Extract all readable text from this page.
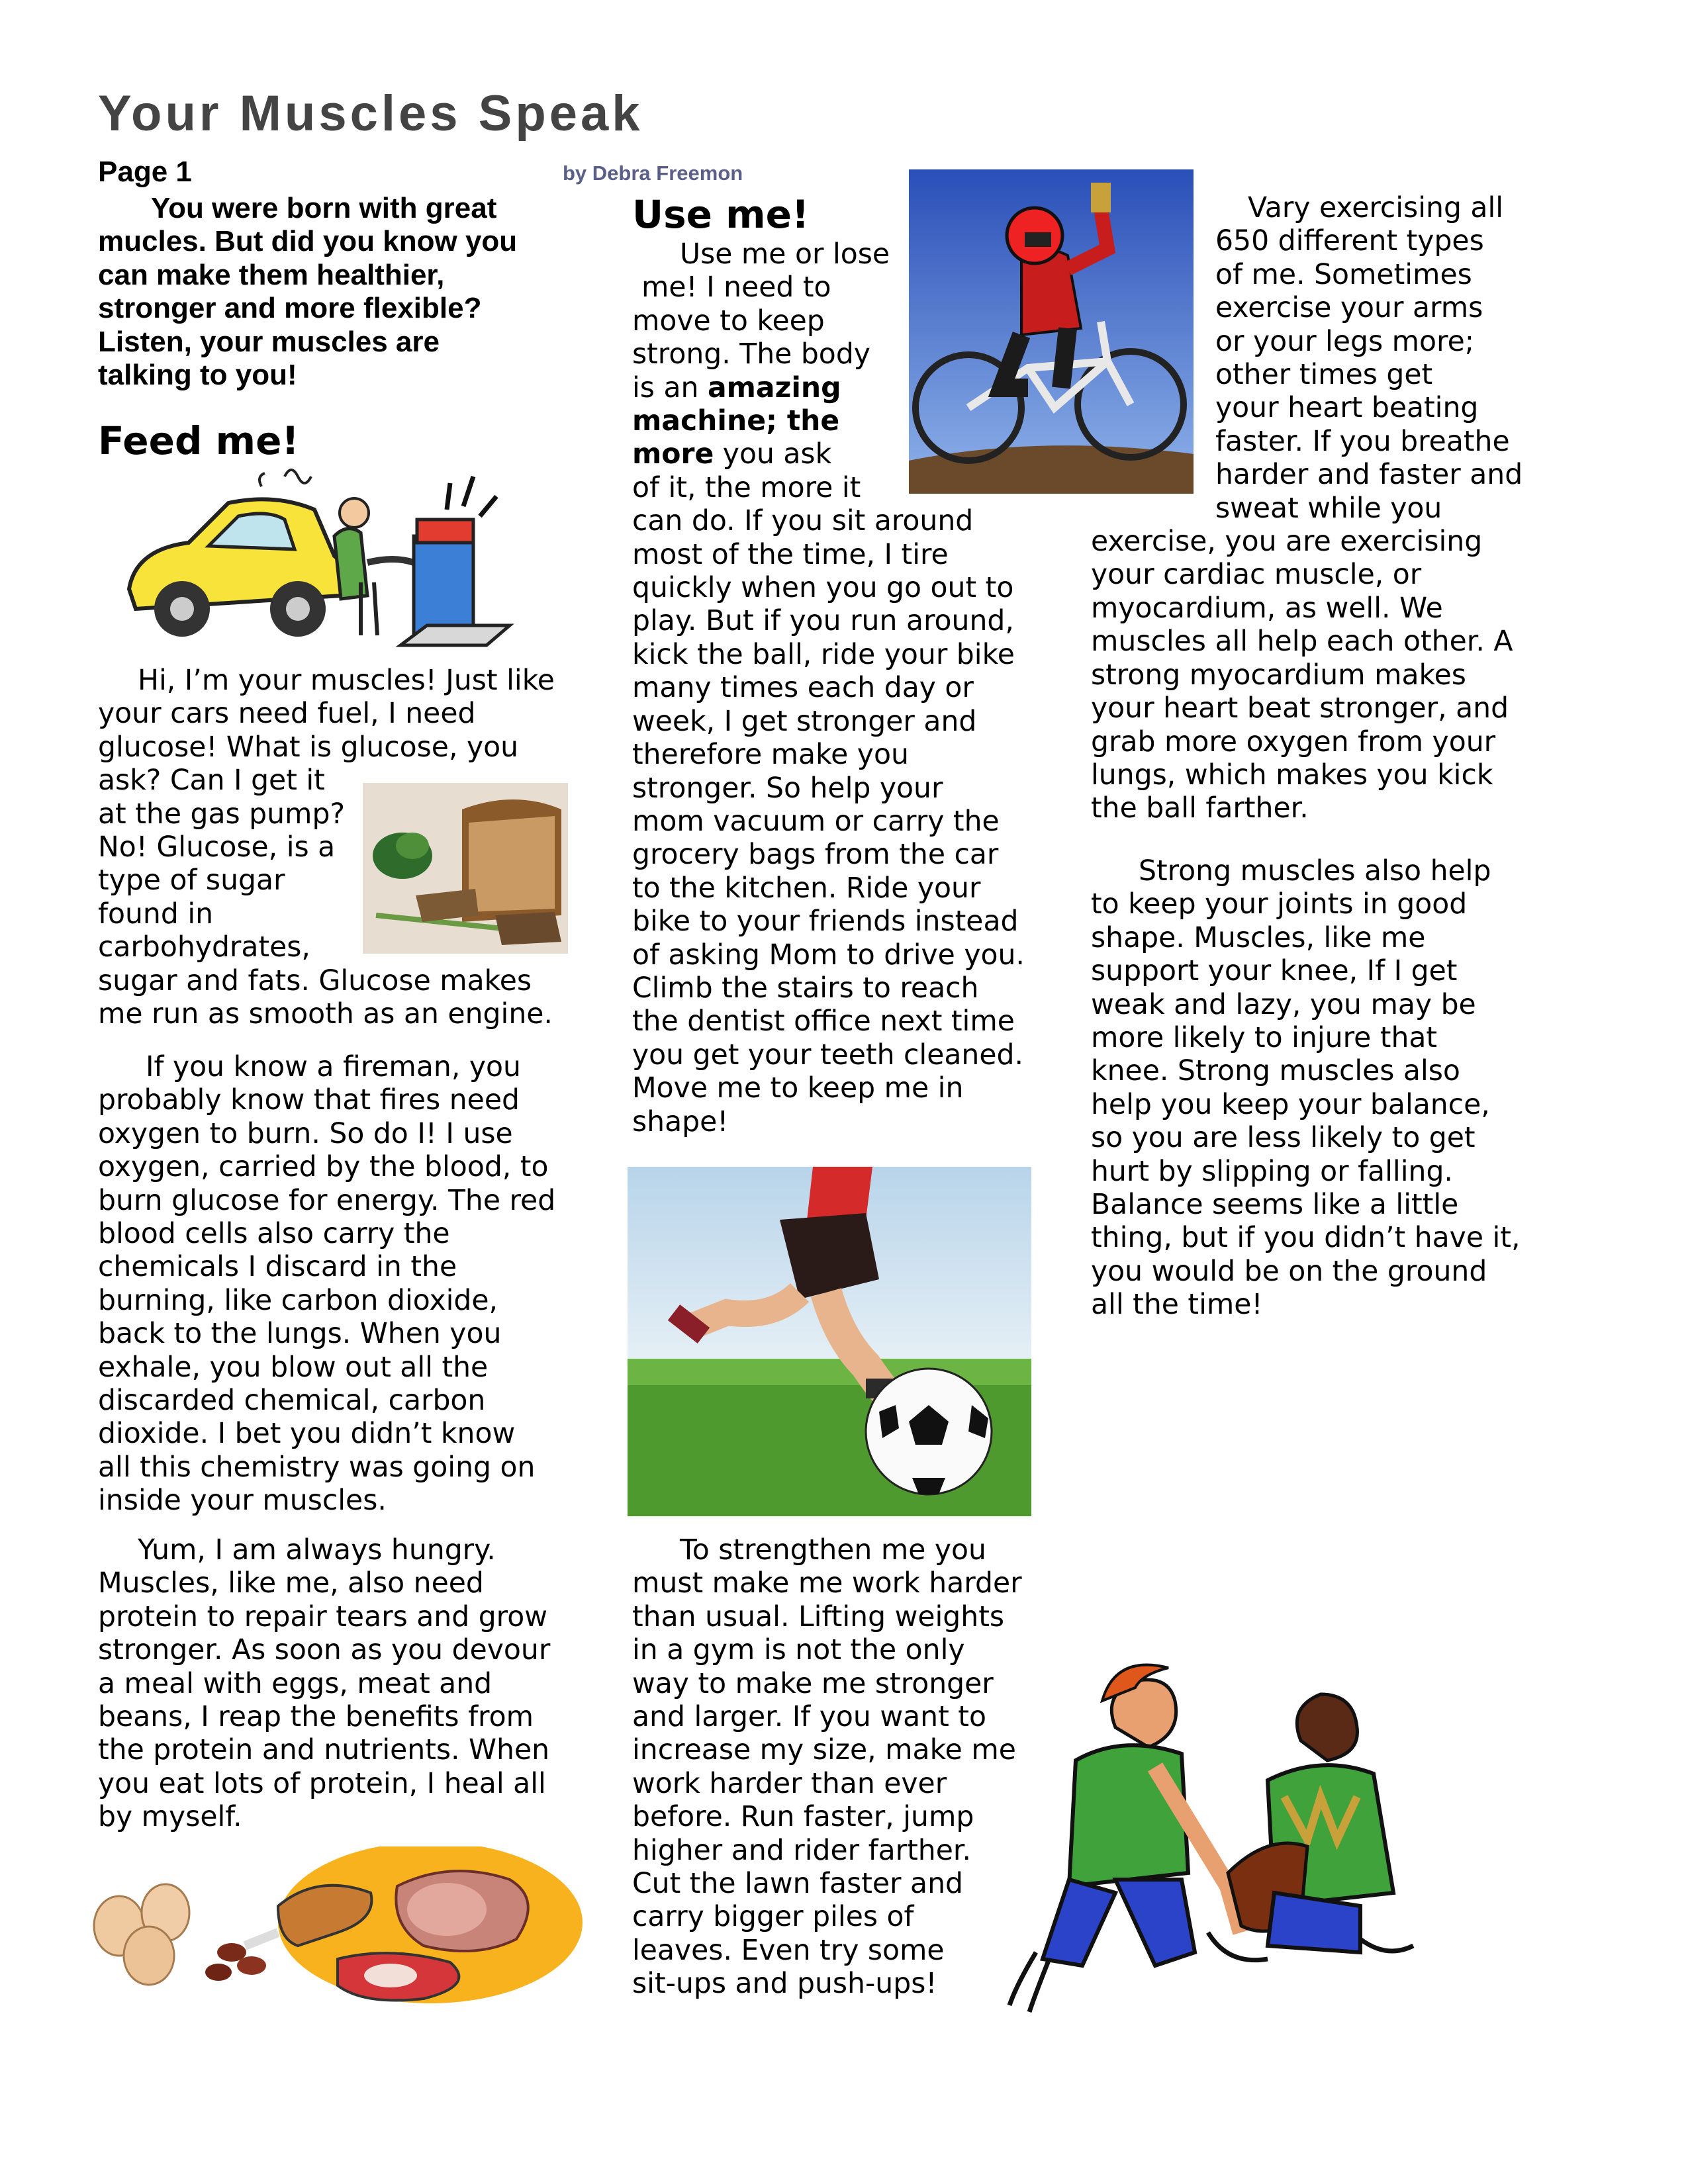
Your Muscles Speak
Page 1	by Debra Freemon
You were born with great
mucles. But did you know you
can make them healthier,
stronger and more flexible?
Listen, your muscles are
talking to you!
Feed me!
Hi, I’m your muscles! Just like
your cars need fuel, I need
glucose! What is glucose, you
ask? Can I get it
at the gas pump?
No! Glucose, is a
type of sugar
found in
carbohydrates,
sugar and fats. Glucose makes
me run as smooth as an engine.
If you know a fireman, you
probably know that fires need
oxygen to burn. So do I! I use
oxygen, carried by the blood, to
burn glucose for energy. The red
blood cells also carry the
chemicals I discard in the
burning, like carbon dioxide,
back to the lungs. When you
exhale, you blow out all the
discarded chemical, carbon
dioxide. I bet you didn’t know
all this chemistry was going on
inside your muscles.
Yum, I am always hungry.
Muscles, like me, also need
protein to repair tears and grow
stronger. As soon as you devour
a meal with eggs, meat and
beans, I reap the benefits from
the protein and nutrients. When
you eat lots of protein, I heal all
by myself.
Use me!
Use me or lose
me! I need to
move to keep
strong. The body
is an amazing
machine; the
more you ask
of it, the more it
can do. If you sit around
most of the time, I tire
quickly when you go out to
play. But if you run around,
kick the ball, ride your bike
many times each day or
week, I get stronger and
therefore make you
stronger. So help your
mom vacuum or carry the
grocery bags from the car
to the kitchen. Ride your
bike to your friends instead
of asking Mom to drive you.
Climb the stairs to reach
the dentist office next time
you get your teeth cleaned.
Move me to keep me in
shape!
To strengthen me you
must make me work harder
than usual. Lifting weights
in a gym is not the only
way to make me stronger
and larger. If you want to
increase my size, make me
work harder than ever
before. Run faster, jump
higher and rider farther.
Cut the lawn faster and
carry bigger piles of
leaves. Even try some
sit-ups and push-ups!
Vary exercising all
650 different types
of me. Sometimes
exercise your arms
or your legs more;
other times get
your heart beating
faster. If you breathe
harder and faster and
sweat while you
exercise, you are exercising
your cardiac muscle, or
myocardium, as well. We
muscles all help each other. A
strong myocardium makes
your heart beat stronger, and
grab more oxygen from your
lungs, which makes you kick
the ball farther.
Strong muscles also help
to keep your joints in good
shape. Muscles, like me
support your knee, If I get
weak and lazy, you may be
more likely to injure that
knee. Strong muscles also
help you keep your balance,
so you are less likely to get
hurt by slipping or falling.
Balance seems like a little
thing, but if you didn’t have it,
you would be on the ground
all the time!
